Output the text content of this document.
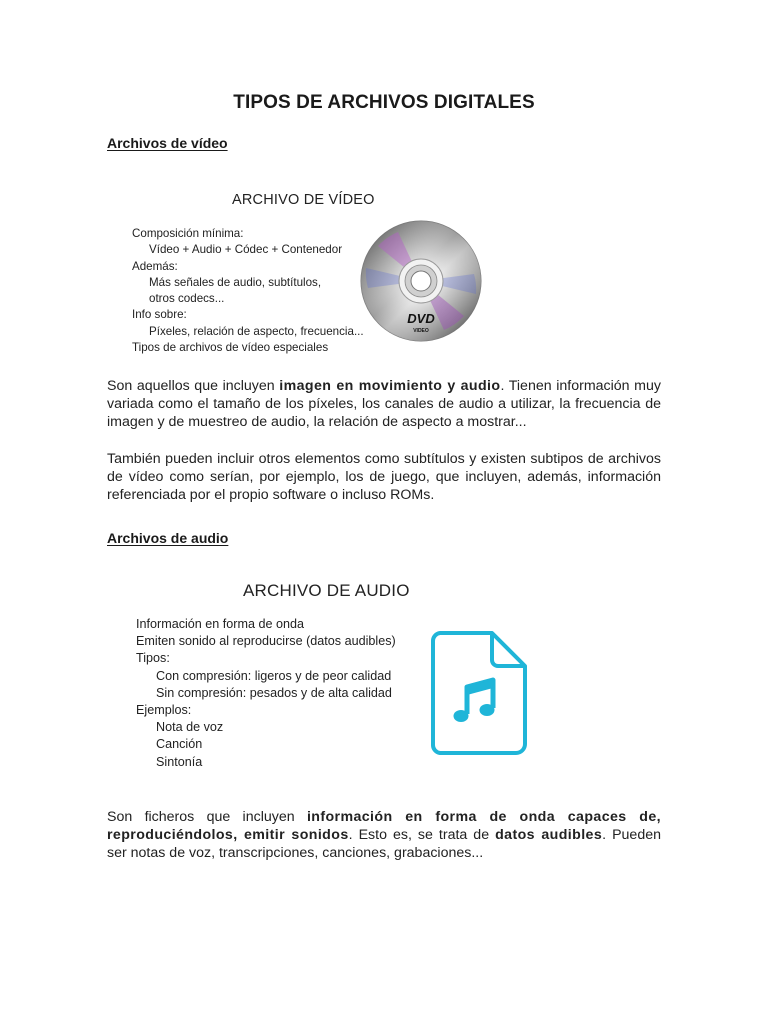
TIPOS DE ARCHIVOS DIGITALES
Archivos de vídeo
ARCHIVO DE VÍDEO
Composición mínima:
Vídeo + Audio + Códec + Contenedor
Además:
Más señales de audio, subtítulos,
otros codecs...
Info sobre:
Píxeles, relación de aspecto, frecuencia...
Tipos de archivos de vídeo especiales
DVD
VIDEO

Son aquellos que incluyen imagen en movimiento y audio. Tienen información muy variada como el tamaño de los píxeles, los canales de audio a utilizar, la frecuencia de imagen y de muestreo de audio, la relación de aspecto a mostrar...

También pueden incluir otros elementos como subtítulos y existen subtipos de archivos de vídeo como serían, por ejemplo, los de juego, que incluyen, además, información referenciada por el propio software o incluso ROMs.

Archivos de audio
ARCHIVO DE AUDIO
Información en forma de onda
Emiten sonido al reproducirse (datos audibles)
Tipos:
Con compresión: ligeros y de peor calidad
Sin compresión: pesados y de alta calidad
Ejemplos:
Nota de voz
Canción
Sintonía

Son ficheros que incluyen información en forma de onda capaces de, reproduciéndolos, emitir sonidos. Esto es, se trata de datos audibles. Pueden ser notas de voz, transcripciones, canciones, grabaciones...
